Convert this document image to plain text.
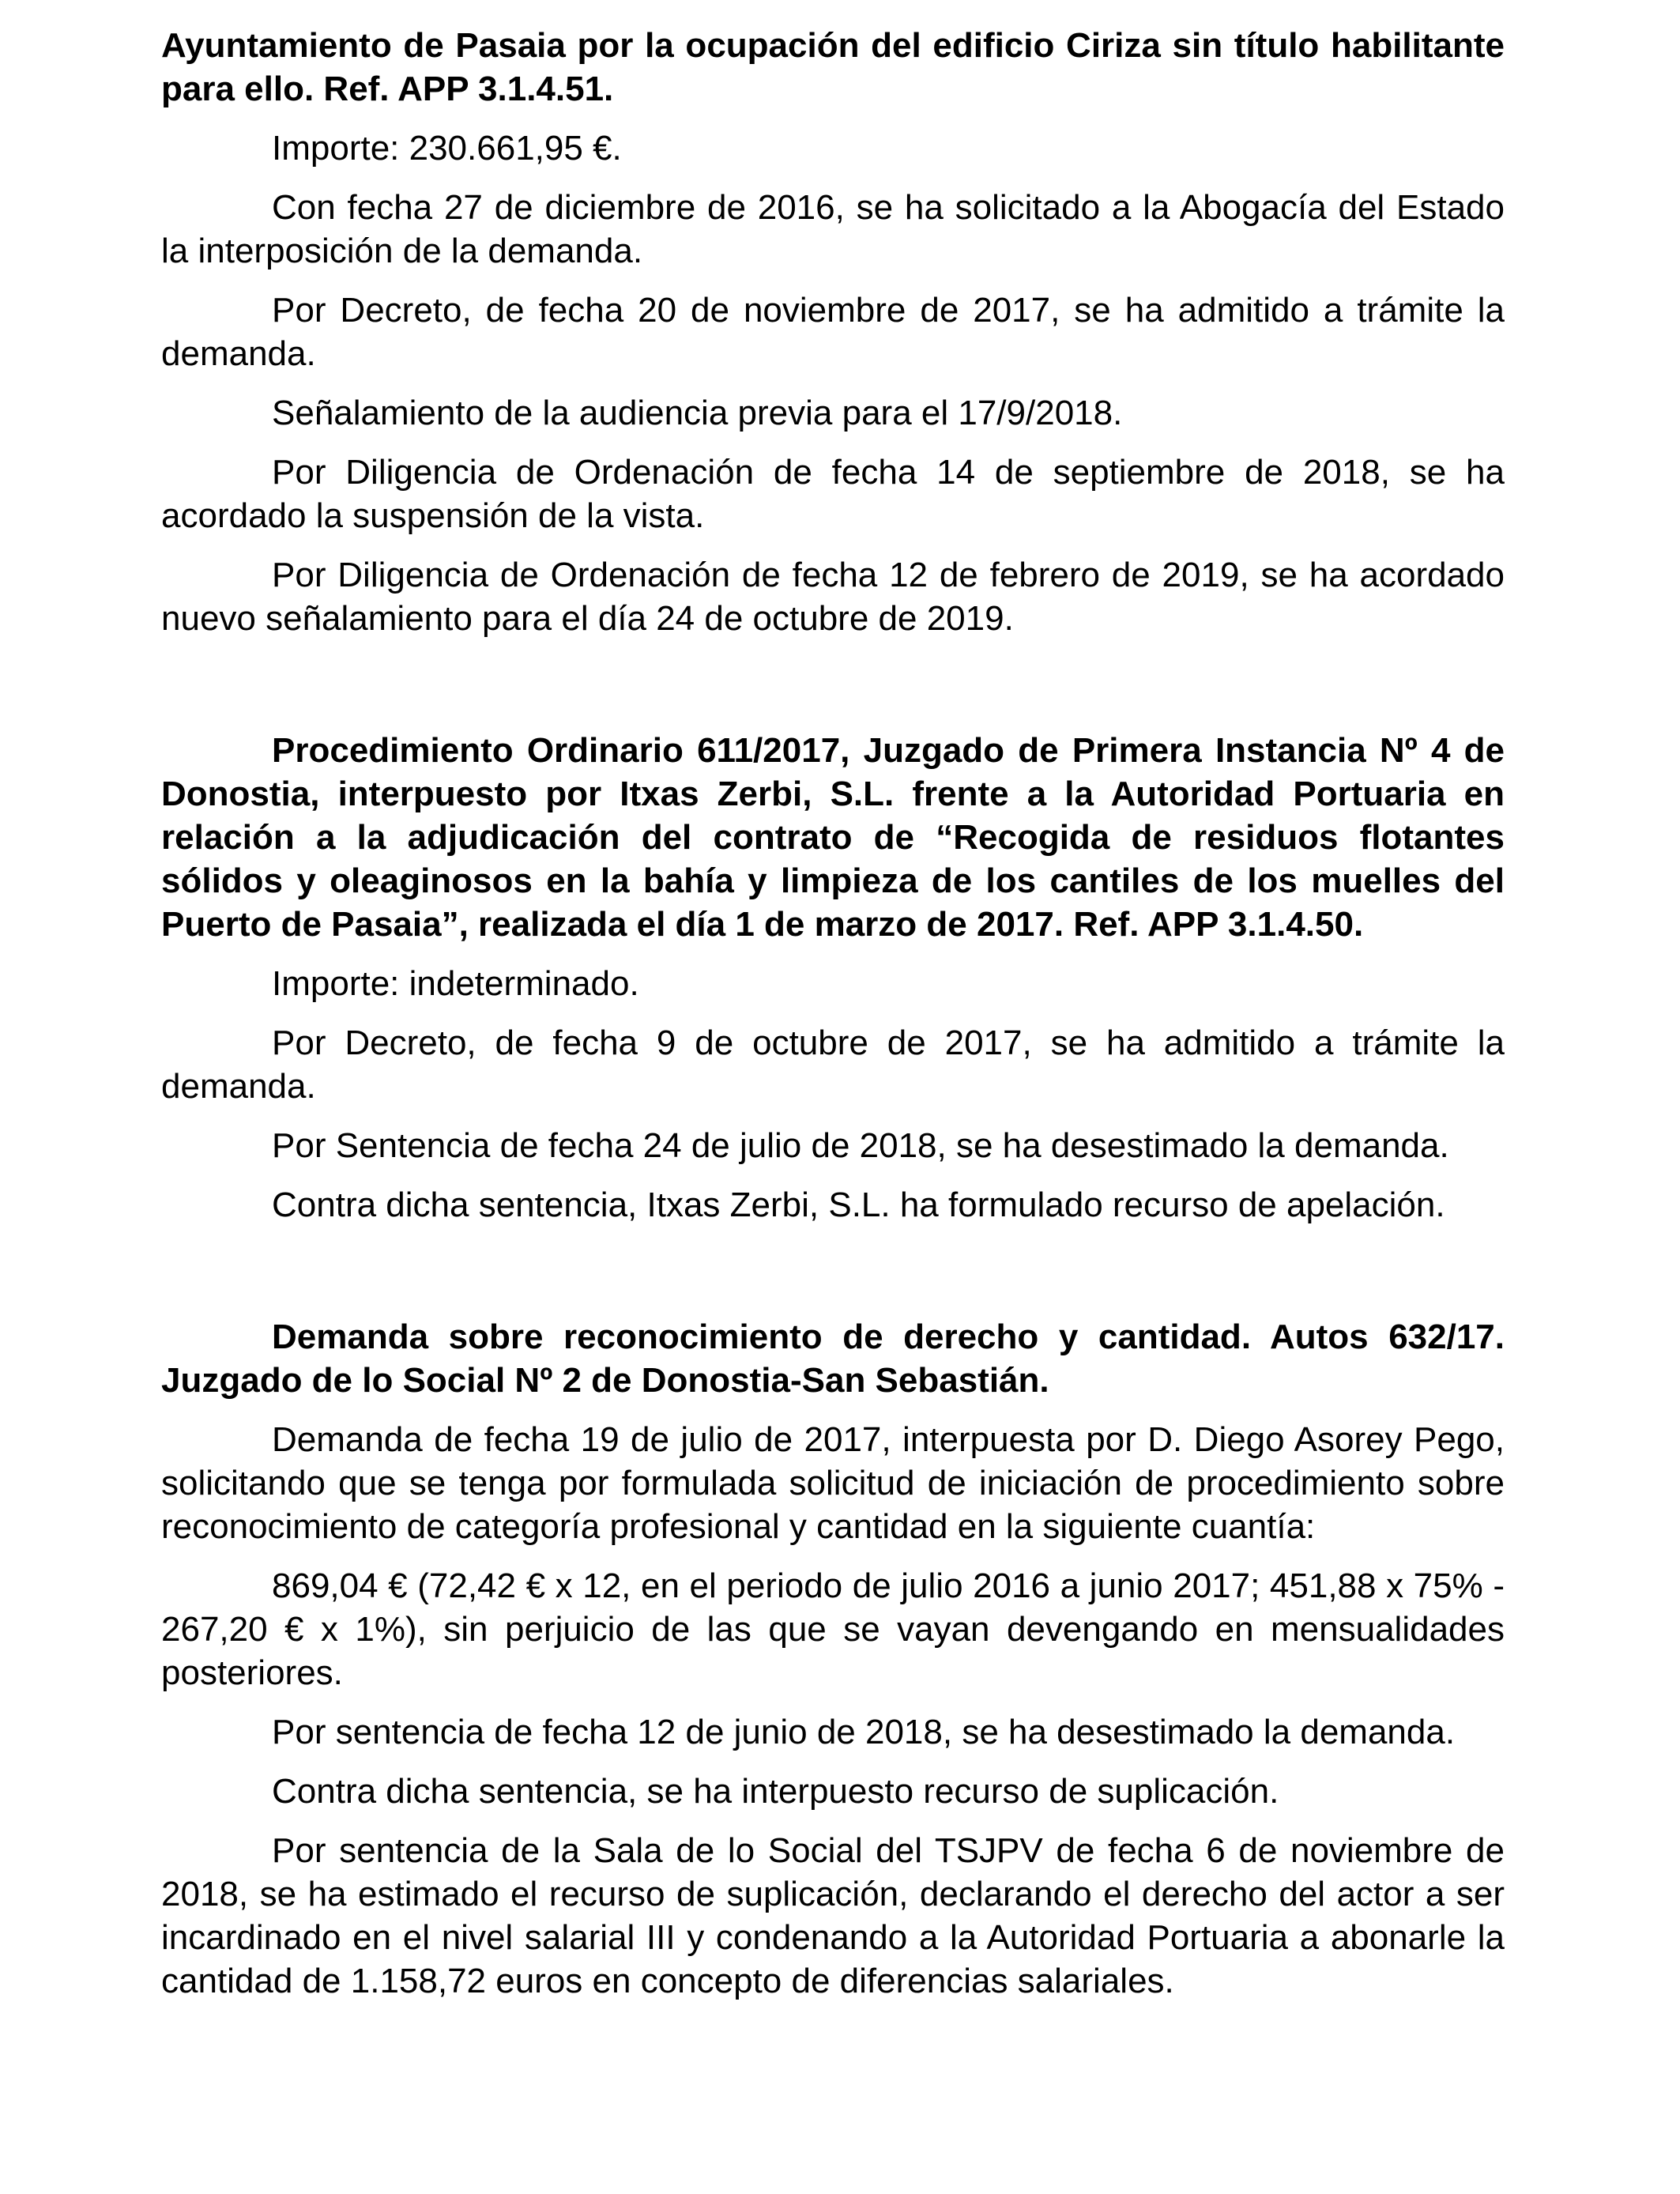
Ayuntamiento de Pasaia por la ocupación del edificio Ciriza sin título habilitante para ello. Ref. APP 3.1.4.51.

Importe: 230.661,95 €.

Con fecha 27 de diciembre de 2016, se ha solicitado a la Abogacía del Estado la interposición de la demanda.

Por Decreto, de fecha 20 de noviembre de 2017, se ha admitido a trámite la demanda.

Señalamiento de la audiencia previa para el 17/9/2018.

Por Diligencia de Ordenación de fecha 14 de septiembre de 2018, se ha acordado la suspensión de la vista.

Por Diligencia de Ordenación de fecha 12 de febrero de 2019, se ha acordado nuevo señalamiento para el día 24 de octubre de 2019.

Procedimiento Ordinario 611/2017, Juzgado de Primera Instancia Nº 4 de Donostia, interpuesto por Itxas Zerbi, S.L. frente a la Autoridad Portuaria en relación a la adjudicación del contrato de “Recogida de residuos flotantes sólidos y oleaginosos en la bahía y limpieza de los cantiles de los muelles del Puerto de Pasaia”, realizada el día 1 de marzo de 2017. Ref. APP 3.1.4.50.

Importe: indeterminado.

Por Decreto, de fecha 9 de octubre de 2017, se ha admitido a trámite la demanda.

Por Sentencia de fecha 24 de julio de 2018, se ha desestimado la demanda.

Contra dicha sentencia, Itxas Zerbi, S.L. ha formulado recurso de apelación.

Demanda sobre reconocimiento de derecho y cantidad. Autos 632/17. Juzgado de lo Social Nº 2 de Donostia-San Sebastián.

Demanda de fecha 19 de julio de 2017, interpuesta por D. Diego Asorey Pego, solicitando que se tenga por formulada solicitud de iniciación de procedimiento sobre reconocimiento de categoría profesional y cantidad en la siguiente cuantía:

869,04 € (72,42 € x 12, en el periodo de julio 2016 a junio 2017; 451,88 x 75% - 267,20 € x 1%), sin perjuicio de las que se vayan devengando en mensualidades posteriores.

Por sentencia de fecha 12 de junio de 2018, se ha desestimado la demanda.

Contra dicha sentencia, se ha interpuesto recurso de suplicación.

Por sentencia de la Sala de lo Social del TSJPV de fecha 6 de noviembre de 2018, se ha estimado el recurso de suplicación, declarando el derecho del actor a ser incardinado en el nivel salarial III y condenando a la Autoridad Portuaria a abonarle la cantidad de 1.158,72 euros en concepto de diferencias salariales.
